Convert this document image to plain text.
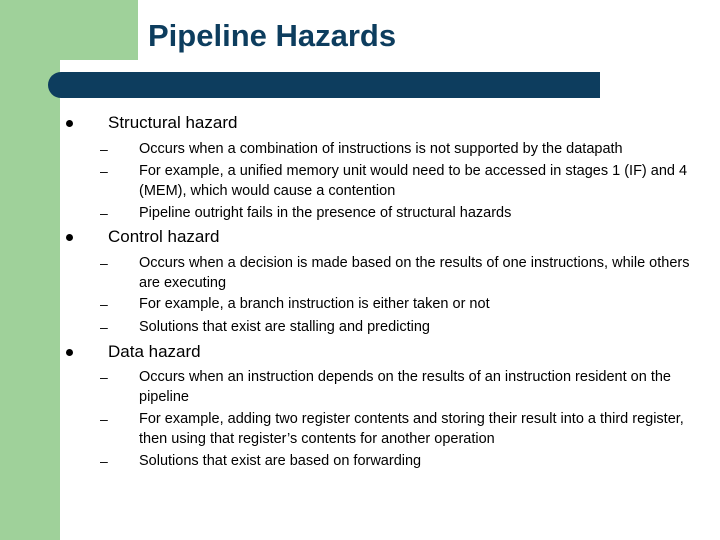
Pipeline Hazards
Structural hazard
– Occurs when a combination of instructions is not supported by the datapath
– For example, a unified memory unit would need to be accessed in stages 1 (IF) and 4 (MEM), which would cause a contention
– Pipeline outright fails in the presence of structural hazards
Control hazard
– Occurs when a decision is made based on the results of one instructions, while others are executing
– For example, a branch instruction is either taken or not
– Solutions that exist are stalling and predicting
Data hazard
– Occurs when an instruction depends on the results of an instruction resident on the pipeline
– For example, adding two register contents and storing their result into a third register, then using that register’s contents for another operation
– Solutions that exist are based on forwarding
